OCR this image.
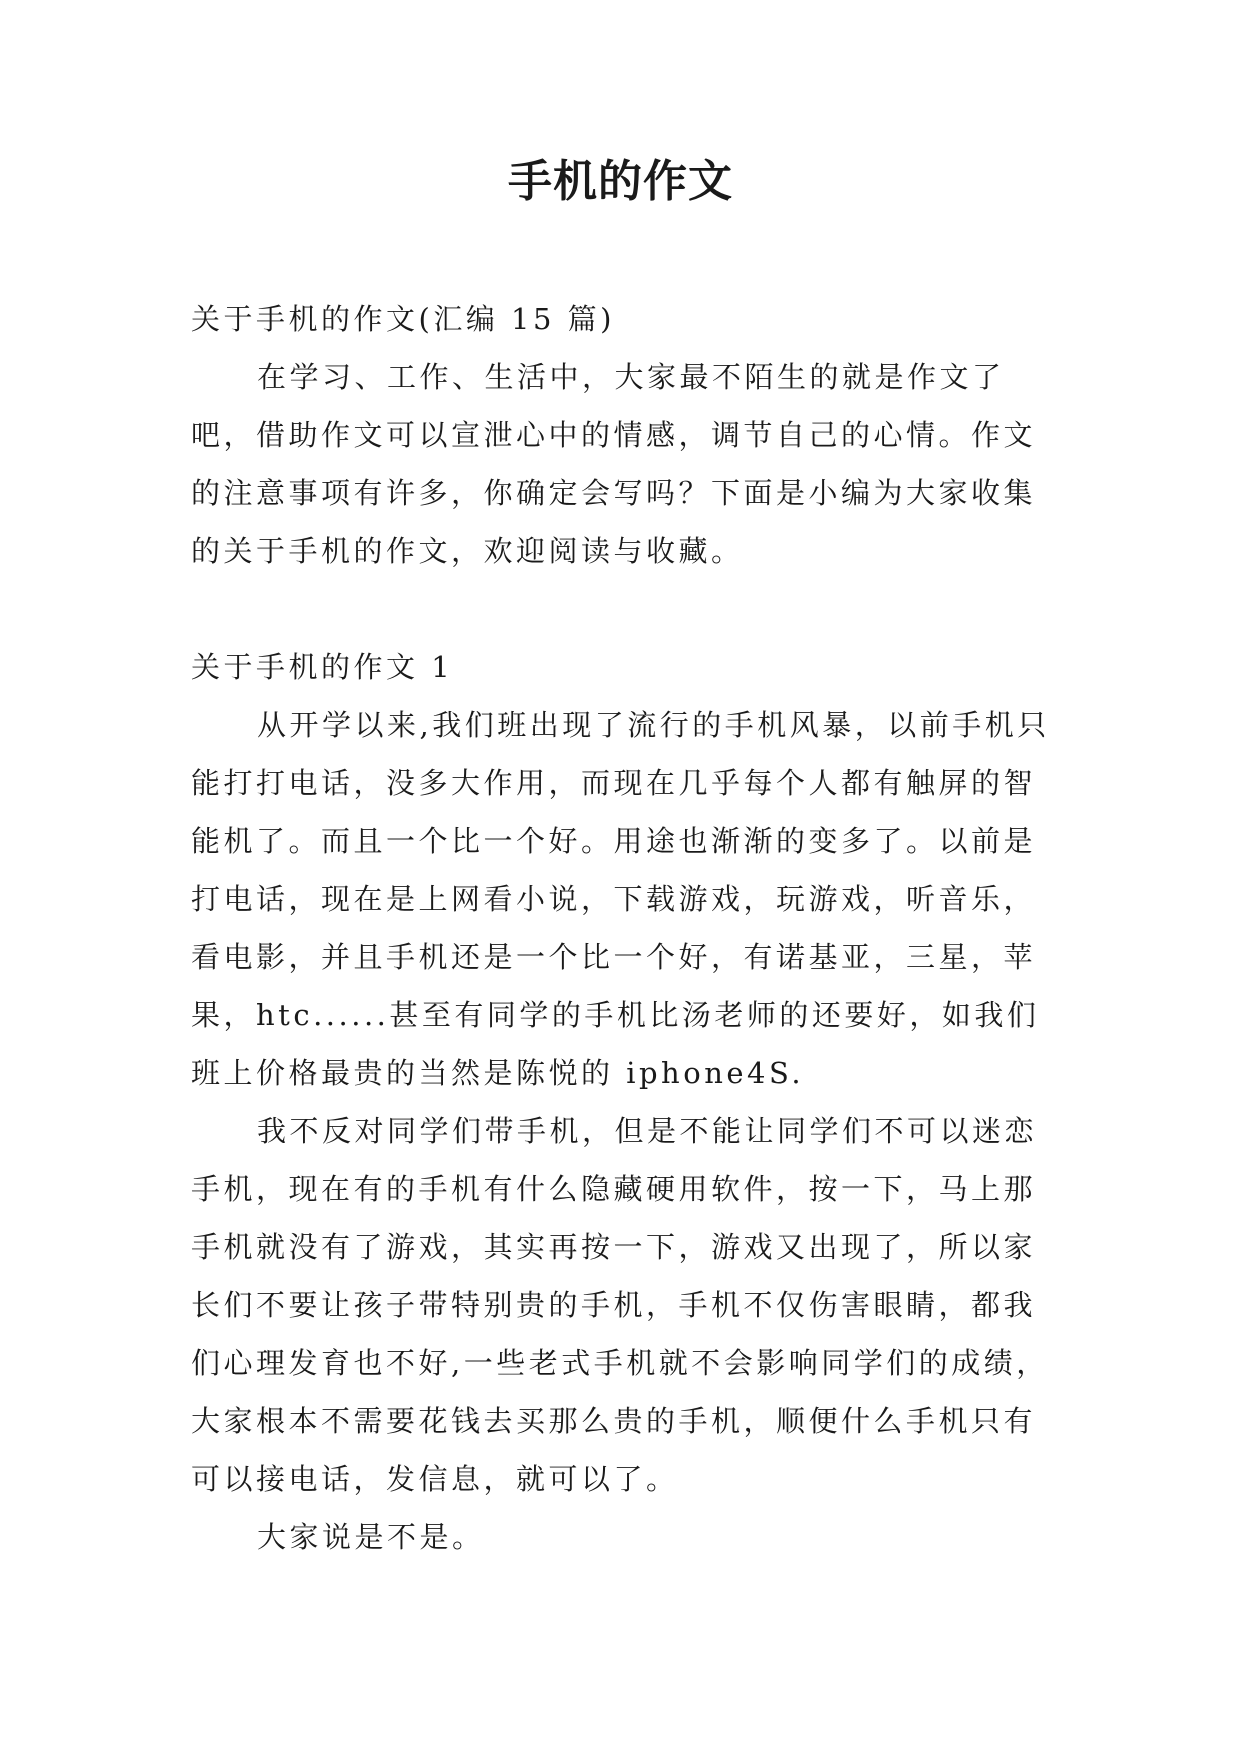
手机的作文

关于手机的作文(汇编 15 篇)

在学习、工作、生活中，大家最不陌生的就是作文了吧，借助作文可以宣泄心中的情感，调节自己的心情。作文的注意事项有许多，你确定会写吗？下面是小编为大家收集的关于手机的作文，欢迎阅读与收藏。

关于手机的作文 1

从开学以来,我们班出现了流行的手机风暴，以前手机只能打打电话，没多大作用，而现在几乎每个人都有触屏的智能机了。而且一个比一个好。用途也渐渐的变多了。以前是打电话，现在是上网看小说，下载游戏，玩游戏，听音乐，看电影，并且手机还是一个比一个好，有诺基亚，三星，苹果，htc......甚至有同学的手机比汤老师的还要好，如我们班上价格最贵的当然是陈悦的 iphone4S.

我不反对同学们带手机，但是不能让同学们不可以迷恋手机，现在有的手机有什么隐藏硬用软件，按一下，马上那手机就没有了游戏，其实再按一下，游戏又出现了，所以家长们不要让孩子带特别贵的手机，手机不仅伤害眼睛，都我们心理发育也不好,一些老式手机就不会影响同学们的成绩，大家根本不需要花钱去买那么贵的手机，顺便什么手机只有可以接电话，发信息，就可以了。

大家说是不是。
